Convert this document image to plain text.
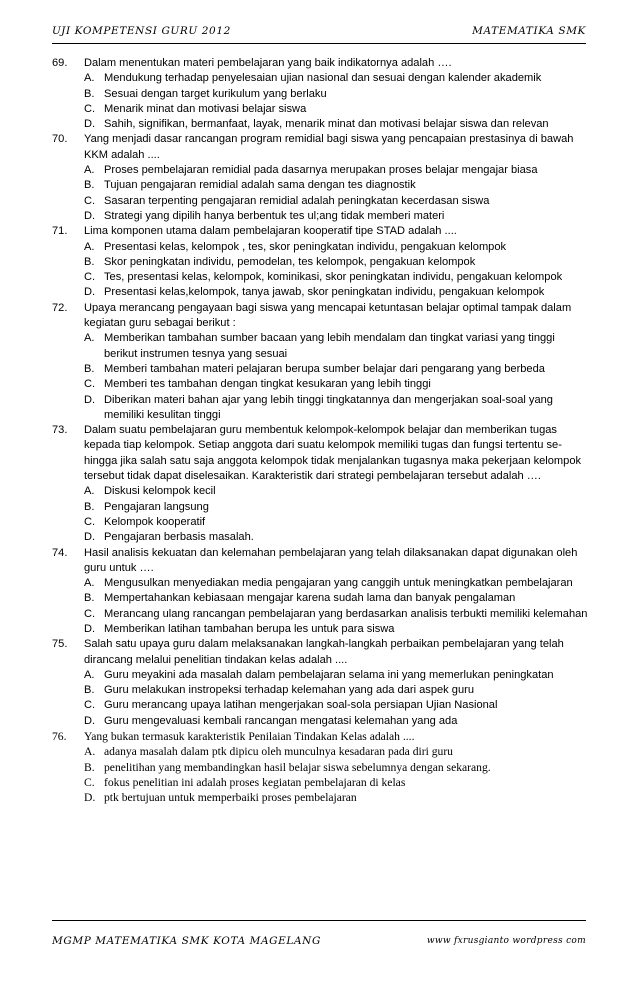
UJI KOMPETENSI GURU 2012	MATEMATIKA SMK
69. Dalam menentukan materi pembelajaran yang baik indikatornya adalah ….
A. Mendukung terhadap penyelesaian ujian nasional dan sesuai dengan kalender akademik
B. Sesuai dengan target kurikulum yang berlaku
C. Menarik minat dan motivasi belajar siswa
D. Sahih, signifikan, bermanfaat, layak, menarik minat dan motivasi belajar siswa dan relevan
70. Yang menjadi dasar rancangan program remidial bagi siswa yang pencapaian prestasinya di bawah KKM adalah ....
A. Proses pembelajaran remidial pada dasarnya merupakan proses belajar mengajar biasa
B. Tujuan pengajaran remidial adalah sama dengan tes diagnostik
C. Sasaran terpenting pengajaran remidial adalah peningkatan kecerdasan siswa
D. Strategi yang dipilih hanya berbentuk tes ul;ang tidak memberi materi
71. Lima komponen utama dalam pembelajaran kooperatif tipe STAD adalah ....
A. Presentasi kelas, kelompok , tes, skor peningkatan individu, pengakuan kelompok
B. Skor peningkatan individu, pemodelan, tes kelompok, pengakuan kelompok
C. Tes, presentasi kelas, kelompok, kominikasi, skor peningkatan individu, pengakuan kelompok
D. Presentasi kelas,kelompok, tanya jawab, skor peningkatan individu, pengakuan kelompok
72. Upaya merancang pengayaan bagi siswa yang mencapai ketuntasan belajar optimal tampak dalam kegiatan guru sebagai berikut :
A. Memberikan tambahan sumber bacaan yang lebih mendalam dan tingkat variasi yang tinggi berikut instrumen tesnya yang sesuai
B. Memberi tambahan materi pelajaran berupa sumber belajar dari pengarang yang berbeda
C. Memberi tes tambahan dengan tingkat kesukaran yang lebih tinggi
D. Diberikan materi bahan ajar yang lebih tinggi tingkatannya dan mengerjakan soal-soal yang memiliki kesulitan tinggi
73. Dalam suatu pembelajaran guru membentuk kelompok-kelompok belajar dan memberikan tugas kepada tiap kelompok. Setiap anggota dari suatu kelompok memiliki tugas dan fungsi tertentu se-hingga jika salah satu saja anggota kelompok tidak menjalankan tugasnya maka pekerjaan kelompok tersebut tidak dapat diselesaikan. Karakteristik dari strategi pembelajaran tersebut adalah ….
A. Diskusi kelompok kecil
B. Pengajaran langsung
C. Kelompok kooperatif
D. Pengajaran berbasis masalah.
74. Hasil analisis kekuatan dan kelemahan pembelajaran yang telah dilaksanakan dapat digunakan oleh guru untuk ….
A. Mengusulkan menyediakan media pengajaran yang canggih untuk meningkatkan pembelajaran
B. Mempertahankan kebiasaan mengajar karena sudah lama dan banyak pengalaman
C. Merancang ulang rancangan pembelajaran yang berdasarkan analisis terbukti memiliki kelemahan
D. Memberikan latihan tambahan berupa les untuk para siswa
75. Salah satu upaya guru dalam melaksanakan langkah-langkah perbaikan pembelajaran yang telah dirancang melalui penelitian tindakan kelas adalah ....
A. Guru meyakini ada masalah dalam pembelajaran selama ini yang memerlukan peningkatan
B. Guru melakukan instropeksi terhadap kelemahan yang ada dari aspek guru
C. Guru merancang upaya latihan mengerjakan soal-sola persiapan Ujian Nasional
D. Guru mengevaluasi kembali rancangan mengatasi kelemahan yang ada
76. Yang bukan termasuk karakteristik Penilaian Tindakan Kelas adalah ....
A. adanya masalah dalam ptk dipicu oleh munculnya kesadaran pada diri guru
B. penelitihan yang membandingkan hasil belajar siswa sebelumnya dengan sekarang.
C. fokus penelitian ini adalah proses kegiatan pembelajaran di kelas
D. ptk bertujuan untuk memperbaiki proses pembelajaran
MGMP MATEMATIKA SMK KOTA MAGELANG	www fxrusgianto wordpress com
